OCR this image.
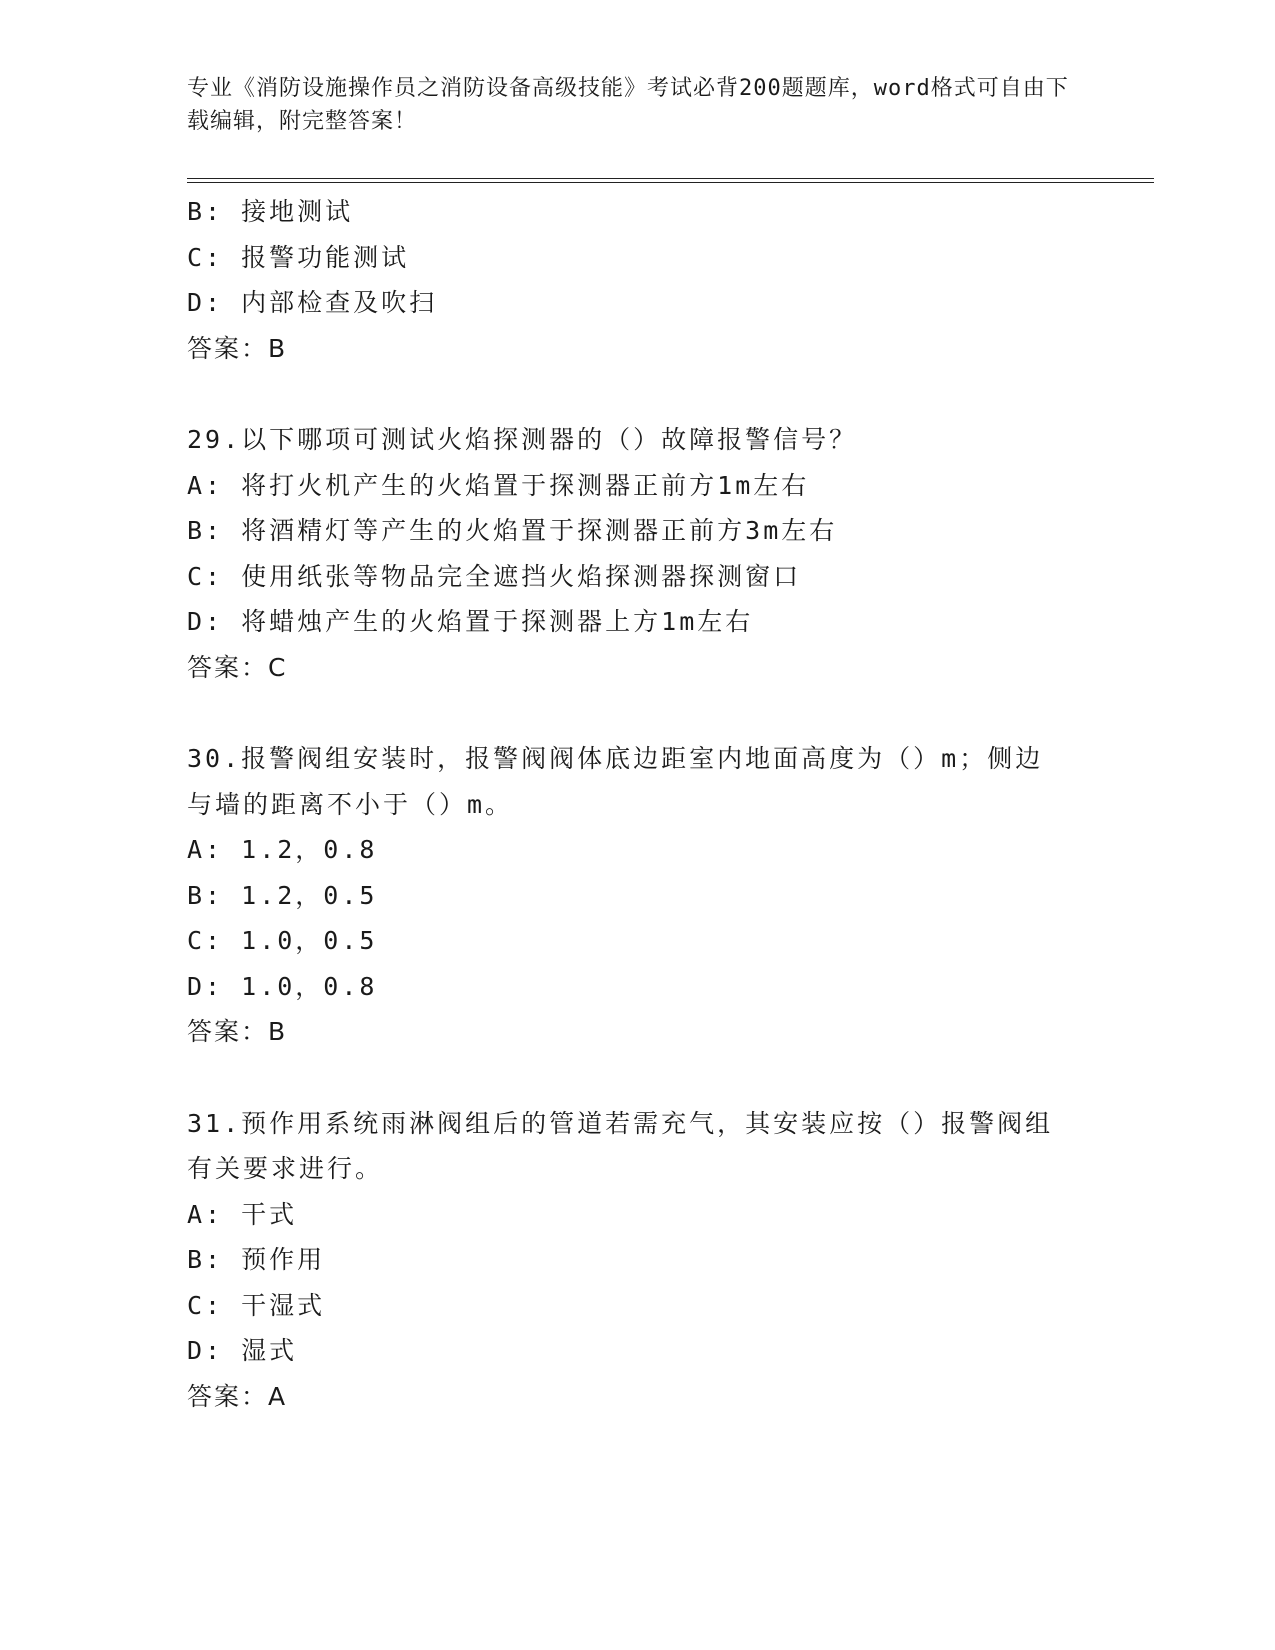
专业《消防设施操作员之消防设备高级技能》考试必背200题题库，word格式可自由下载编辑，附完整答案！
B: 接地测试
C: 报警功能测试
D: 内部检查及吹扫
答案：B
29.以下哪项可测试火焰探测器的（）故障报警信号？
A: 将打火机产生的火焰置于探测器正前方1m左右
B: 将酒精灯等产生的火焰置于探测器正前方3m左右
C: 使用纸张等物品完全遮挡火焰探测器探测窗口
D: 将蜡烛产生的火焰置于探测器上方1m左右
答案：C
30.报警阀组安装时，报警阀阀体底边距室内地面高度为（）m；侧边与墙的距离不小于（）m。
A: 1.2，0.8
B: 1.2，0.5
C: 1.0，0.5
D: 1.0，0.8
答案：B
31.预作用系统雨淋阀组后的管道若需充气，其安装应按（）报警阀组有关要求进行。
A: 干式
B: 预作用
C: 干湿式
D: 湿式
答案：A
